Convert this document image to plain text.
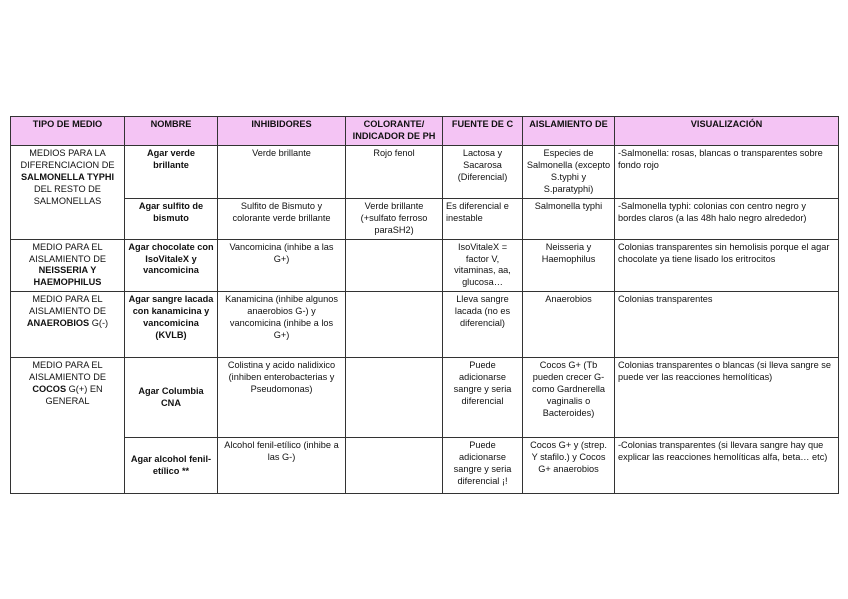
TIPO DE MEDIO	NOMBRE	INHIBIDORES	COLORANTE/ INDICADOR DE PH	FUENTE DE C	AISLAMIENTO DE	VISUALIZACIÓN
MEDIOS PARA LA DIFERENCIACION DE SALMONELLA TYPHI DEL RESTO DE SALMONELLAS	Agar verde brillante	Verde brillante	Rojo fenol	Lactosa y Sacarosa (Diferencial)	Especies de Salmonella (excepto S.typhi y S.paratyphi)	-Salmonella: rosas, blancas o transparentes sobre fondo rojo
	Agar sulfito de bismuto	Sulfito de Bismuto y colorante verde brillante	Verde brillante (+sulfato ferroso paraSH2)	Es diferencial e inestable	Salmonella typhi	-Salmonella typhi: colonias con centro negro y bordes claros (a las 48h halo negro alrededor)
MEDIO PARA EL AISLAMIENTO DE NEISSERIA Y HAEMOPHILUS	Agar chocolate con IsoVitaleX y vancomicina	Vancomicina (inhibe a las G+)		IsoVitaleX = factor V, vitaminas, aa, glucosa…	Neisseria y Haemophilus	Colonias transparentes sin hemolisis porque el agar chocolate ya tiene lisado los eritrocitos
MEDIO PARA EL AISLAMIENTO DE ANAEROBIOS G(-)	Agar sangre lacada con kanamicina y vancomicina (KVLB)	Kanamicina (inhibe algunos anaerobios G-) y vancomicina (inhibe a los G+)		Lleva sangre lacada (no es diferencial)	Anaerobios	Colonias transparentes
MEDIO PARA EL AISLAMIENTO DE COCOS G(+) EN GENERAL	Agar Columbia CNA	Colistina y acido nalidixico (inhiben enterobacterias y Pseudomonas)		Puede adicionarse sangre y seria diferencial	Cocos G+ (Tb pueden crecer G- como Gardnerella vaginalis o Bacteroides)	Colonias transparentes o blancas (si lleva sangre se puede ver las reacciones hemolíticas)
	Agar alcohol fenil-etílico **	Alcohol fenil-etílico (inhibe a las G-)		Puede adicionarse sangre y seria diferencial ¡!	Cocos G+ y (strep. Y stafilo.) y Cocos G+ anaerobios	-Colonias transparentes (si llevara sangre hay que explicar las reacciones hemolíticas alfa, beta… etc)
